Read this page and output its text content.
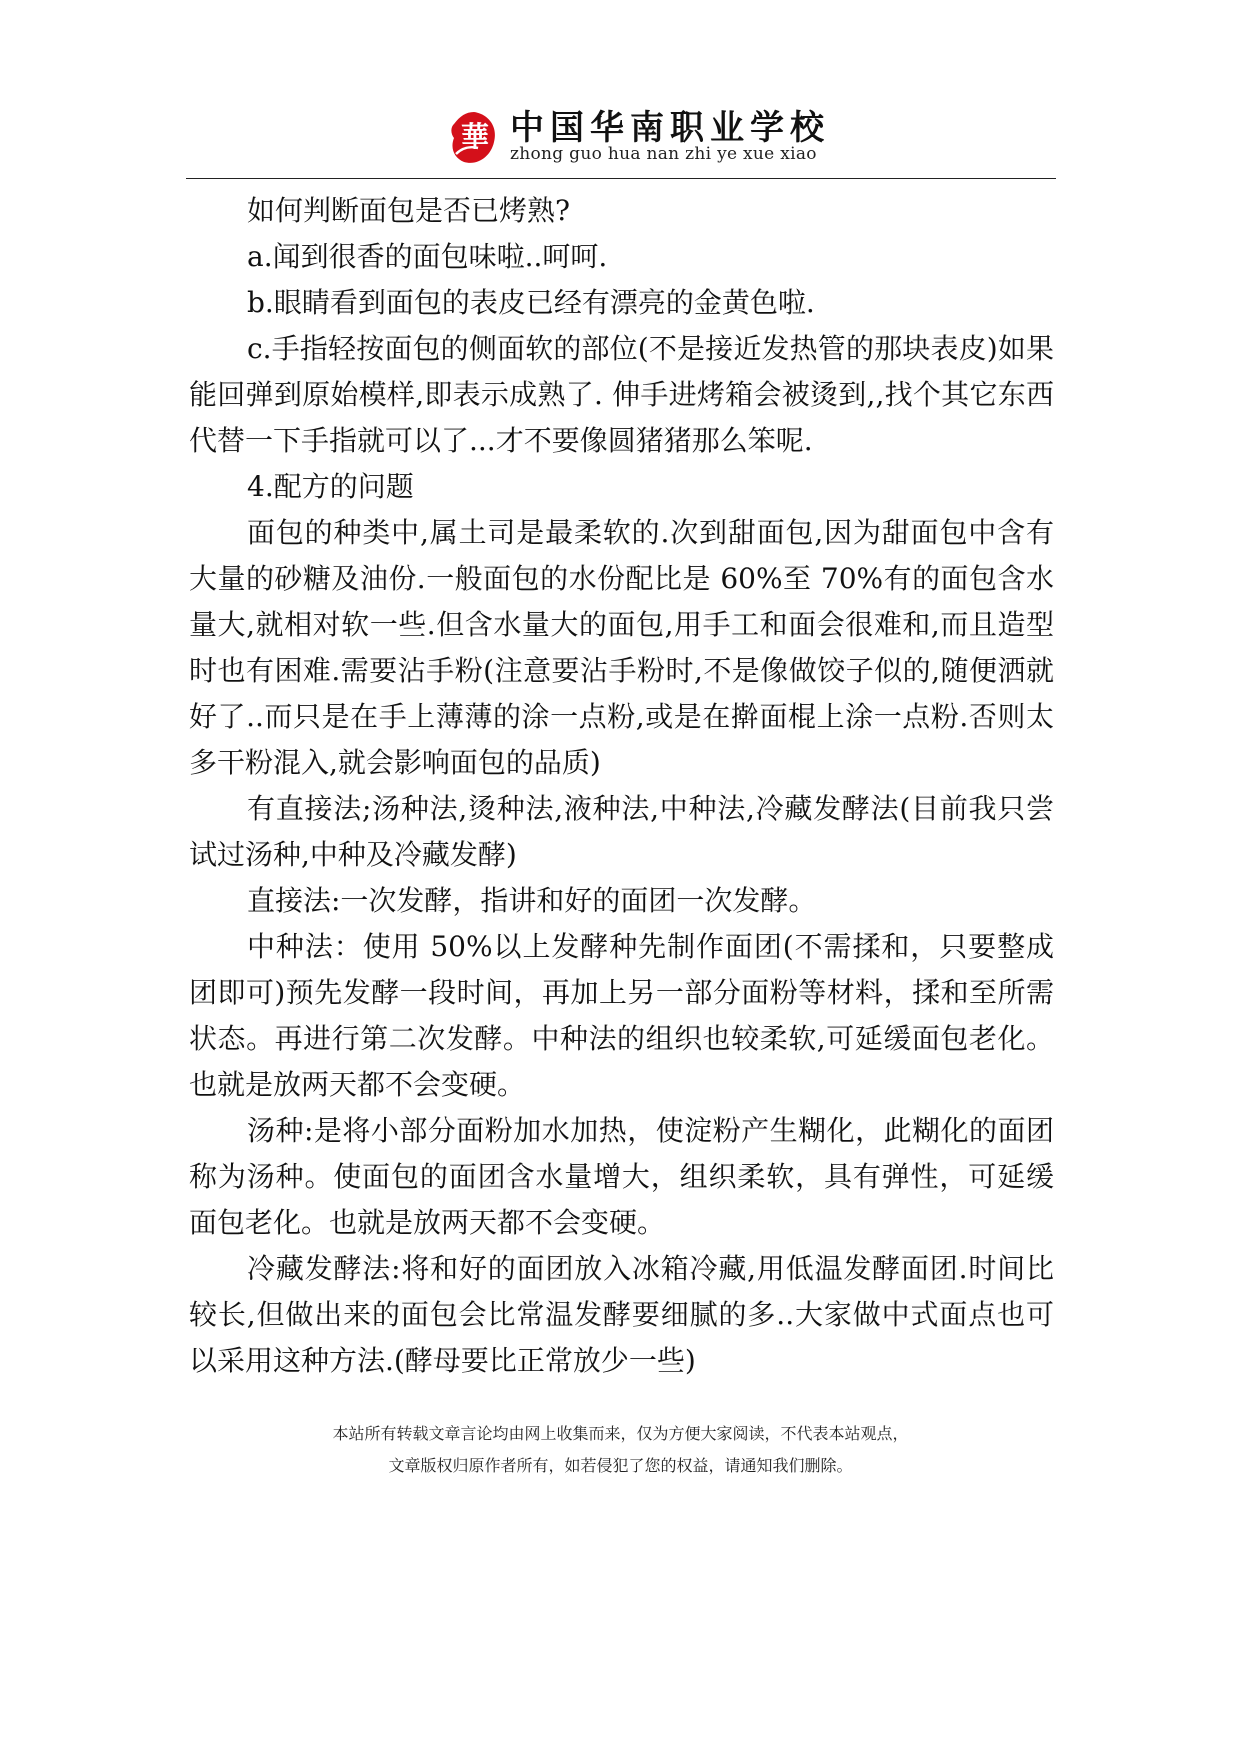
華 中国华南职业学校
zhong guo hua nan zhi ye xue xiao

如何判断面包是否已烤熟?

a.闻到很香的面包味啦..呵呵.

b.眼睛看到面包的表皮已经有漂亮的金黄色啦.

c.手指轻按面包的侧面软的部位(不是接近发热管的那块表皮)如果能回弹到原始模样,即表示成熟了. 伸手进烤箱会被烫到,,找个其它东西代替一下手指就可以了...才不要像圆猪猪那么笨呢.

4.配方的问题

面包的种类中,属土司是最柔软的.次到甜面包,因为甜面包中含有大量的砂糖及油份.一般面包的水份配比是 60%至 70%有的面包含水量大,就相对软一些.但含水量大的面包,用手工和面会很难和,而且造型时也有困难.需要沾手粉(注意要沾手粉时,不是像做饺子似的,随便洒就好了..而只是在手上薄薄的涂一点粉,或是在擀面棍上涂一点粉.否则太多干粉混入,就会影响面包的品质)

有直接法;汤种法,烫种法,液种法,中种法,冷藏发酵法(目前我只尝试过汤种,中种及冷藏发酵)

直接法:一次发酵，指讲和好的面团一次发酵。

中种法：使用 50%以上发酵种先制作面团(不需揉和，只要整成团即可)预先发酵一段时间，再加上另一部分面粉等材料，揉和至所需状态。再进行第二次发酵。中种法的组织也较柔软,可延缓面包老化。也就是放两天都不会变硬。

汤种:是将小部分面粉加水加热，使淀粉产生糊化，此糊化的面团称为汤种。使面包的面团含水量增大，组织柔软，具有弹性，可延缓面包老化。也就是放两天都不会变硬。

冷藏发酵法:将和好的面团放入冰箱冷藏,用低温发酵面团.时间比较长,但做出来的面包会比常温发酵要细腻的多..大家做中式面点也可以采用这种方法.(酵母要比正常放少一些)

本站所有转载文章言论均由网上收集而来，仅为方便大家阅读，不代表本站观点，
文章版权归原作者所有，如若侵犯了您的权益，请通知我们删除。
